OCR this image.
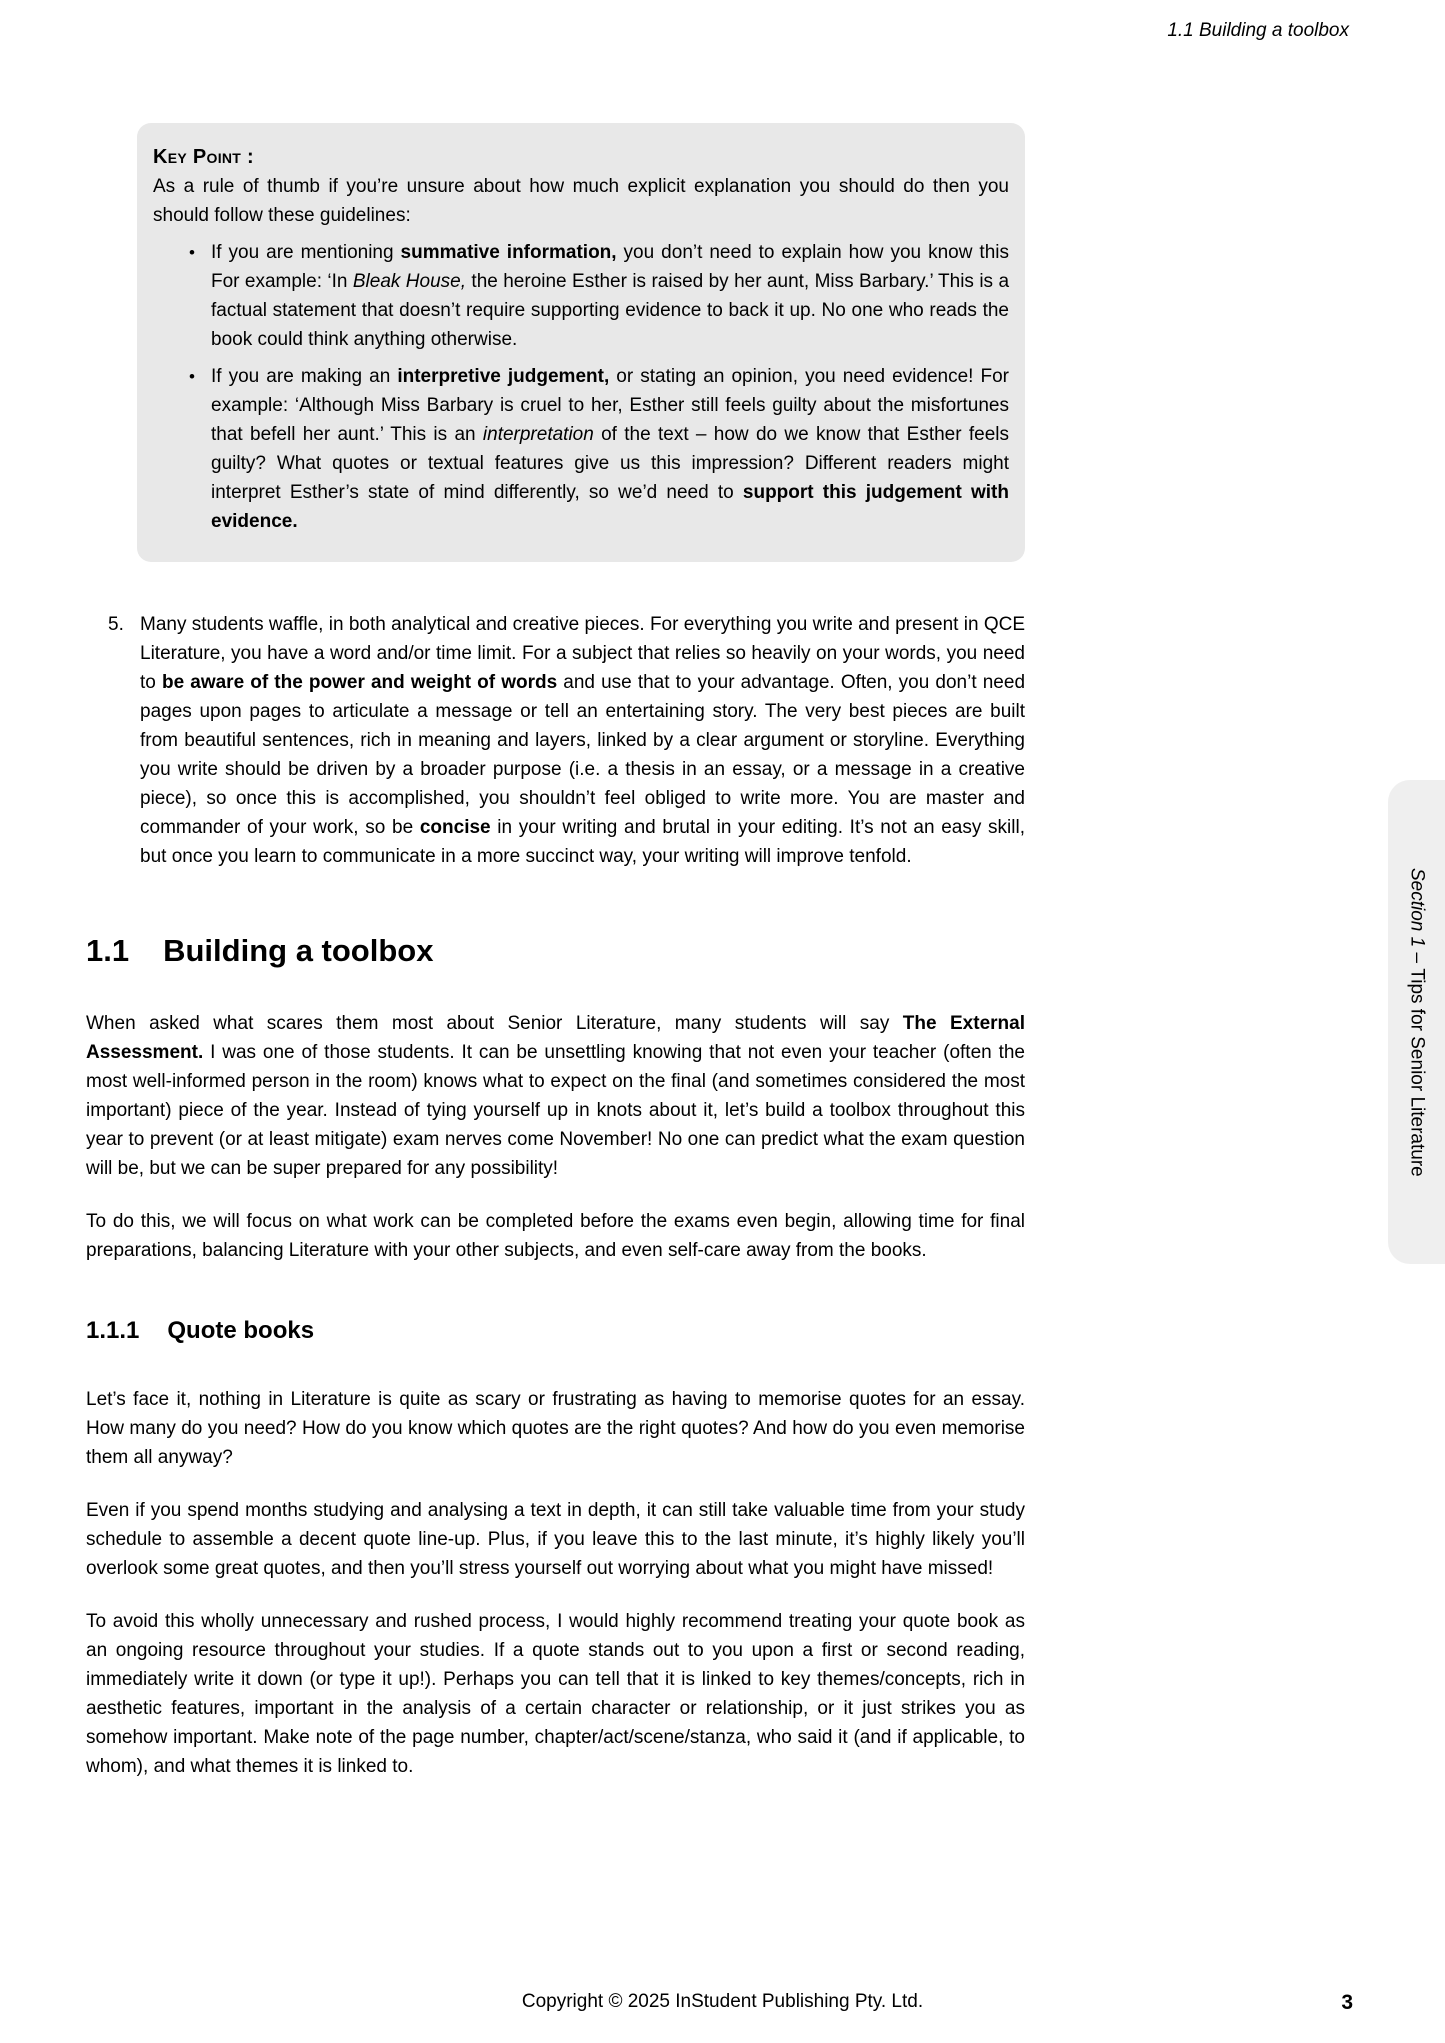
1.1 Building a toolbox
Key Point :
As a rule of thumb if you’re unsure about how much explicit explanation you should do then you should follow these guidelines:
• If you are mentioning summative information, you don’t need to explain how you know this For example: ‘In Bleak House, the heroine Esther is raised by her aunt, Miss Barbary.’ This is a factual statement that doesn’t require supporting evidence to back it up. No one who reads the book could think anything otherwise.
• If you are making an interpretive judgement, or stating an opinion, you need evidence! For example: ‘Although Miss Barbary is cruel to her, Esther still feels guilty about the misfortunes that befell her aunt.’ This is an interpretation of the text – how do we know that Esther feels guilty? What quotes or textual features give us this impression? Different readers might interpret Esther’s state of mind differently, so we’d need to support this judgement with evidence.
5. Many students waffle, in both analytical and creative pieces. For everything you write and present in QCE Literature, you have a word and/or time limit. For a subject that relies so heavily on your words, you need to be aware of the power and weight of words and use that to your advantage. Often, you don’t need pages upon pages to articulate a message or tell an entertaining story. The very best pieces are built from beautiful sentences, rich in meaning and layers, linked by a clear argument or storyline. Everything you write should be driven by a broader purpose (i.e. a thesis in an essay, or a message in a creative piece), so once this is accomplished, you shouldn’t feel obliged to write more. You are master and commander of your work, so be concise in your writing and brutal in your editing. It’s not an easy skill, but once you learn to communicate in a more succinct way, your writing will improve tenfold.
1.1 Building a toolbox
When asked what scares them most about Senior Literature, many students will say The External Assessment. I was one of those students. It can be unsettling knowing that not even your teacher (often the most well-informed person in the room) knows what to expect on the final (and sometimes considered the most important) piece of the year. Instead of tying yourself up in knots about it, let’s build a toolbox throughout this year to prevent (or at least mitigate) exam nerves come November! No one can predict what the exam question will be, but we can be super prepared for any possibility!
To do this, we will focus on what work can be completed before the exams even begin, allowing time for final preparations, balancing Literature with your other subjects, and even self-care away from the books.
1.1.1 Quote books
Let’s face it, nothing in Literature is quite as scary or frustrating as having to memorise quotes for an essay. How many do you need? How do you know which quotes are the right quotes? And how do you even memorise them all anyway?
Even if you spend months studying and analysing a text in depth, it can still take valuable time from your study schedule to assemble a decent quote line-up. Plus, if you leave this to the last minute, it’s highly likely you’ll overlook some great quotes, and then you’ll stress yourself out worrying about what you might have missed!
To avoid this wholly unnecessary and rushed process, I would highly recommend treating your quote book as an ongoing resource throughout your studies. If a quote stands out to you upon a first or second reading, immediately write it down (or type it up!). Perhaps you can tell that it is linked to key themes/concepts, rich in aesthetic features, important in the analysis of a certain character or relationship, or it just strikes you as somehow important. Make note of the page number, chapter/act/scene/stanza, who said it (and if applicable, to whom), and what themes it is linked to.
Section 1 – Tips for Senior Literature
Copyright © 2025 InStudent Publishing Pty. Ltd.	3
